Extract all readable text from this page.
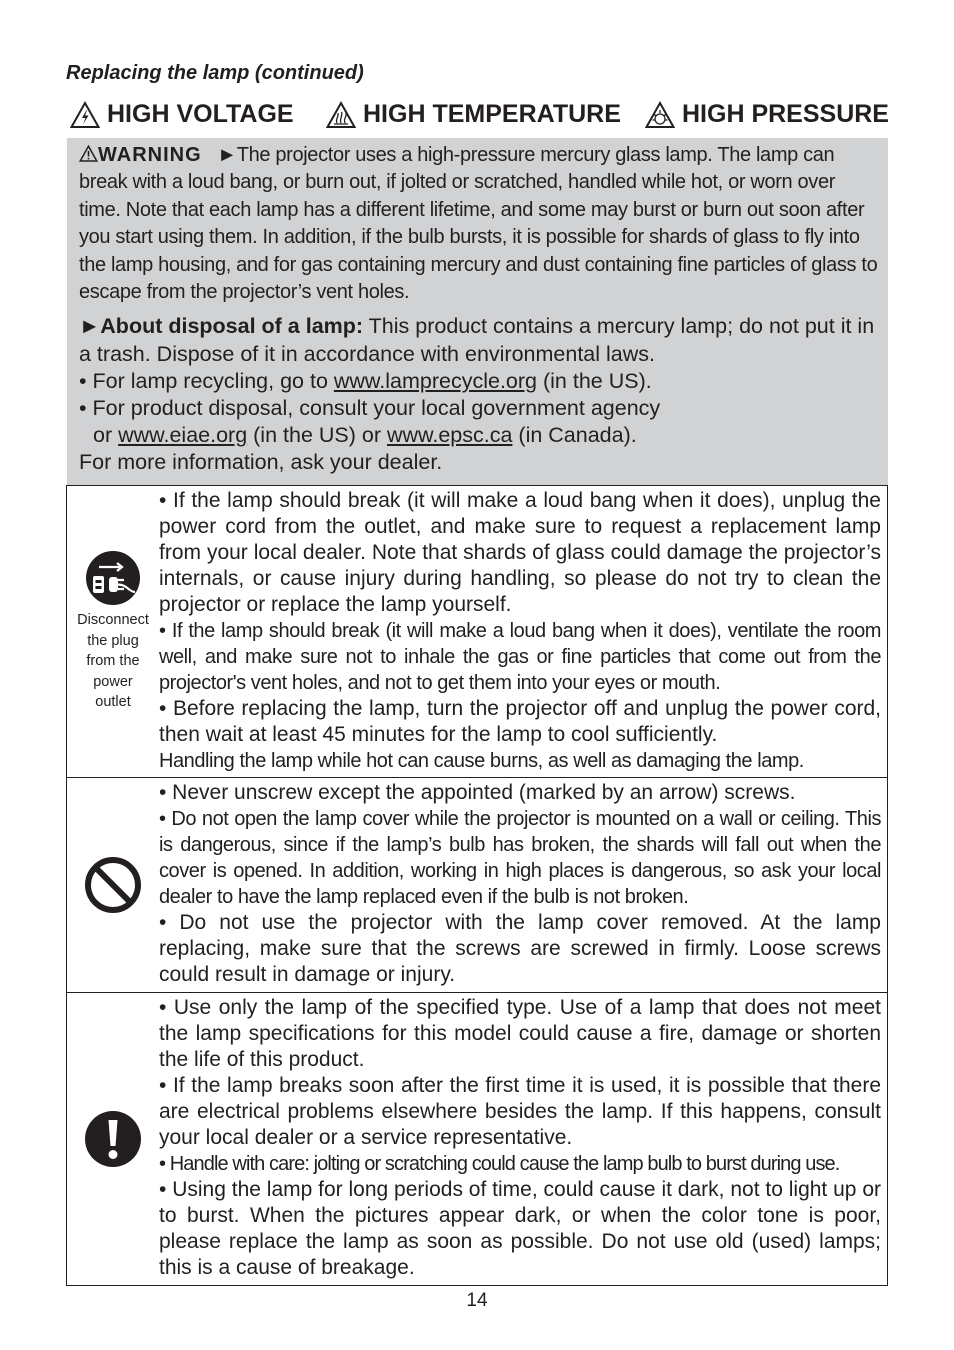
Replacing the lamp (continued)
HIGH VOLTAGE	HIGH TEMPERATURE HIGH PRESSURE

WARNING ►The projector uses a high-pressure mercury glass lamp. The lamp can break with a loud bang, or burn out, if jolted or scratched, handled while hot, or worn over time. Note that each lamp has a different lifetime, and some may burst or burn out soon after you start using them. In addition, if the bulb bursts, it is possible for shards of glass to fly into the lamp housing, and for gas containing mercury and dust containing fine particles of glass to escape from the projector’s vent holes.

►About disposal of a lamp: This product contains a mercury lamp; do not put it in a trash. Dispose of it in accordance with environmental laws.

• For lamp recycling, go to www.lamprecycle.org (in the US).

• For product disposal, consult your local government agency

or www.eiae.org (in the US) or www.epsc.ca (in Canada).

For more information, ask your dealer.

Disconnect
the plug
from the
power
outlet

• If the lamp should break (it will make a loud bang when it does), unplug the power cord from the outlet, and make sure to request a replacement lamp from your local dealer. Note that shards of glass could damage the projector’s internals, or cause injury during handling, so please do not try to clean the projector or replace the lamp yourself.

• If the lamp should break (it will make a loud bang when it does), ventilate the room well, and make sure not to inhale the gas or fine particles that come out from the projector's vent holes, and not to get them into your eyes or mouth.

• Before replacing the lamp, turn the projector off and unplug the power cord, then wait at least 45 minutes for the lamp to cool sufficiently.

Handling the lamp while hot can cause burns, as well as damaging the lamp.

• Never unscrew except the appointed (marked by an arrow) screws.

• Do not open the lamp cover while the projector is mounted on a wall or ceiling. This is dangerous, since if the lamp’s bulb has broken, the shards will fall out when the cover is opened. In addition, working in high places is dangerous, so ask your local dealer to have the lamp replaced even if the bulb is not broken.

• Do not use the projector with the lamp cover removed. At the lamp replacing, make sure that the screws are screwed in firmly. Loose screws could result in damage or injury.

• Use only the lamp of the specified type. Use of a lamp that does not meet the lamp specifications for this model could cause a fire, damage or shorten the life of this product.

• If the lamp breaks soon after the first time it is used, it is possible that there are electrical problems elsewhere besides the lamp. If this happens, consult your local dealer or a service representative.

• Handle with care: jolting or scratching could cause the lamp bulb to burst during use.

• Using the lamp for long periods of time, could cause it dark, not to light up or to burst. When the pictures appear dark, or when the color tone is poor, please replace the lamp as soon as possible. Do not use old (used) lamps; this is a cause of breakage.

14
